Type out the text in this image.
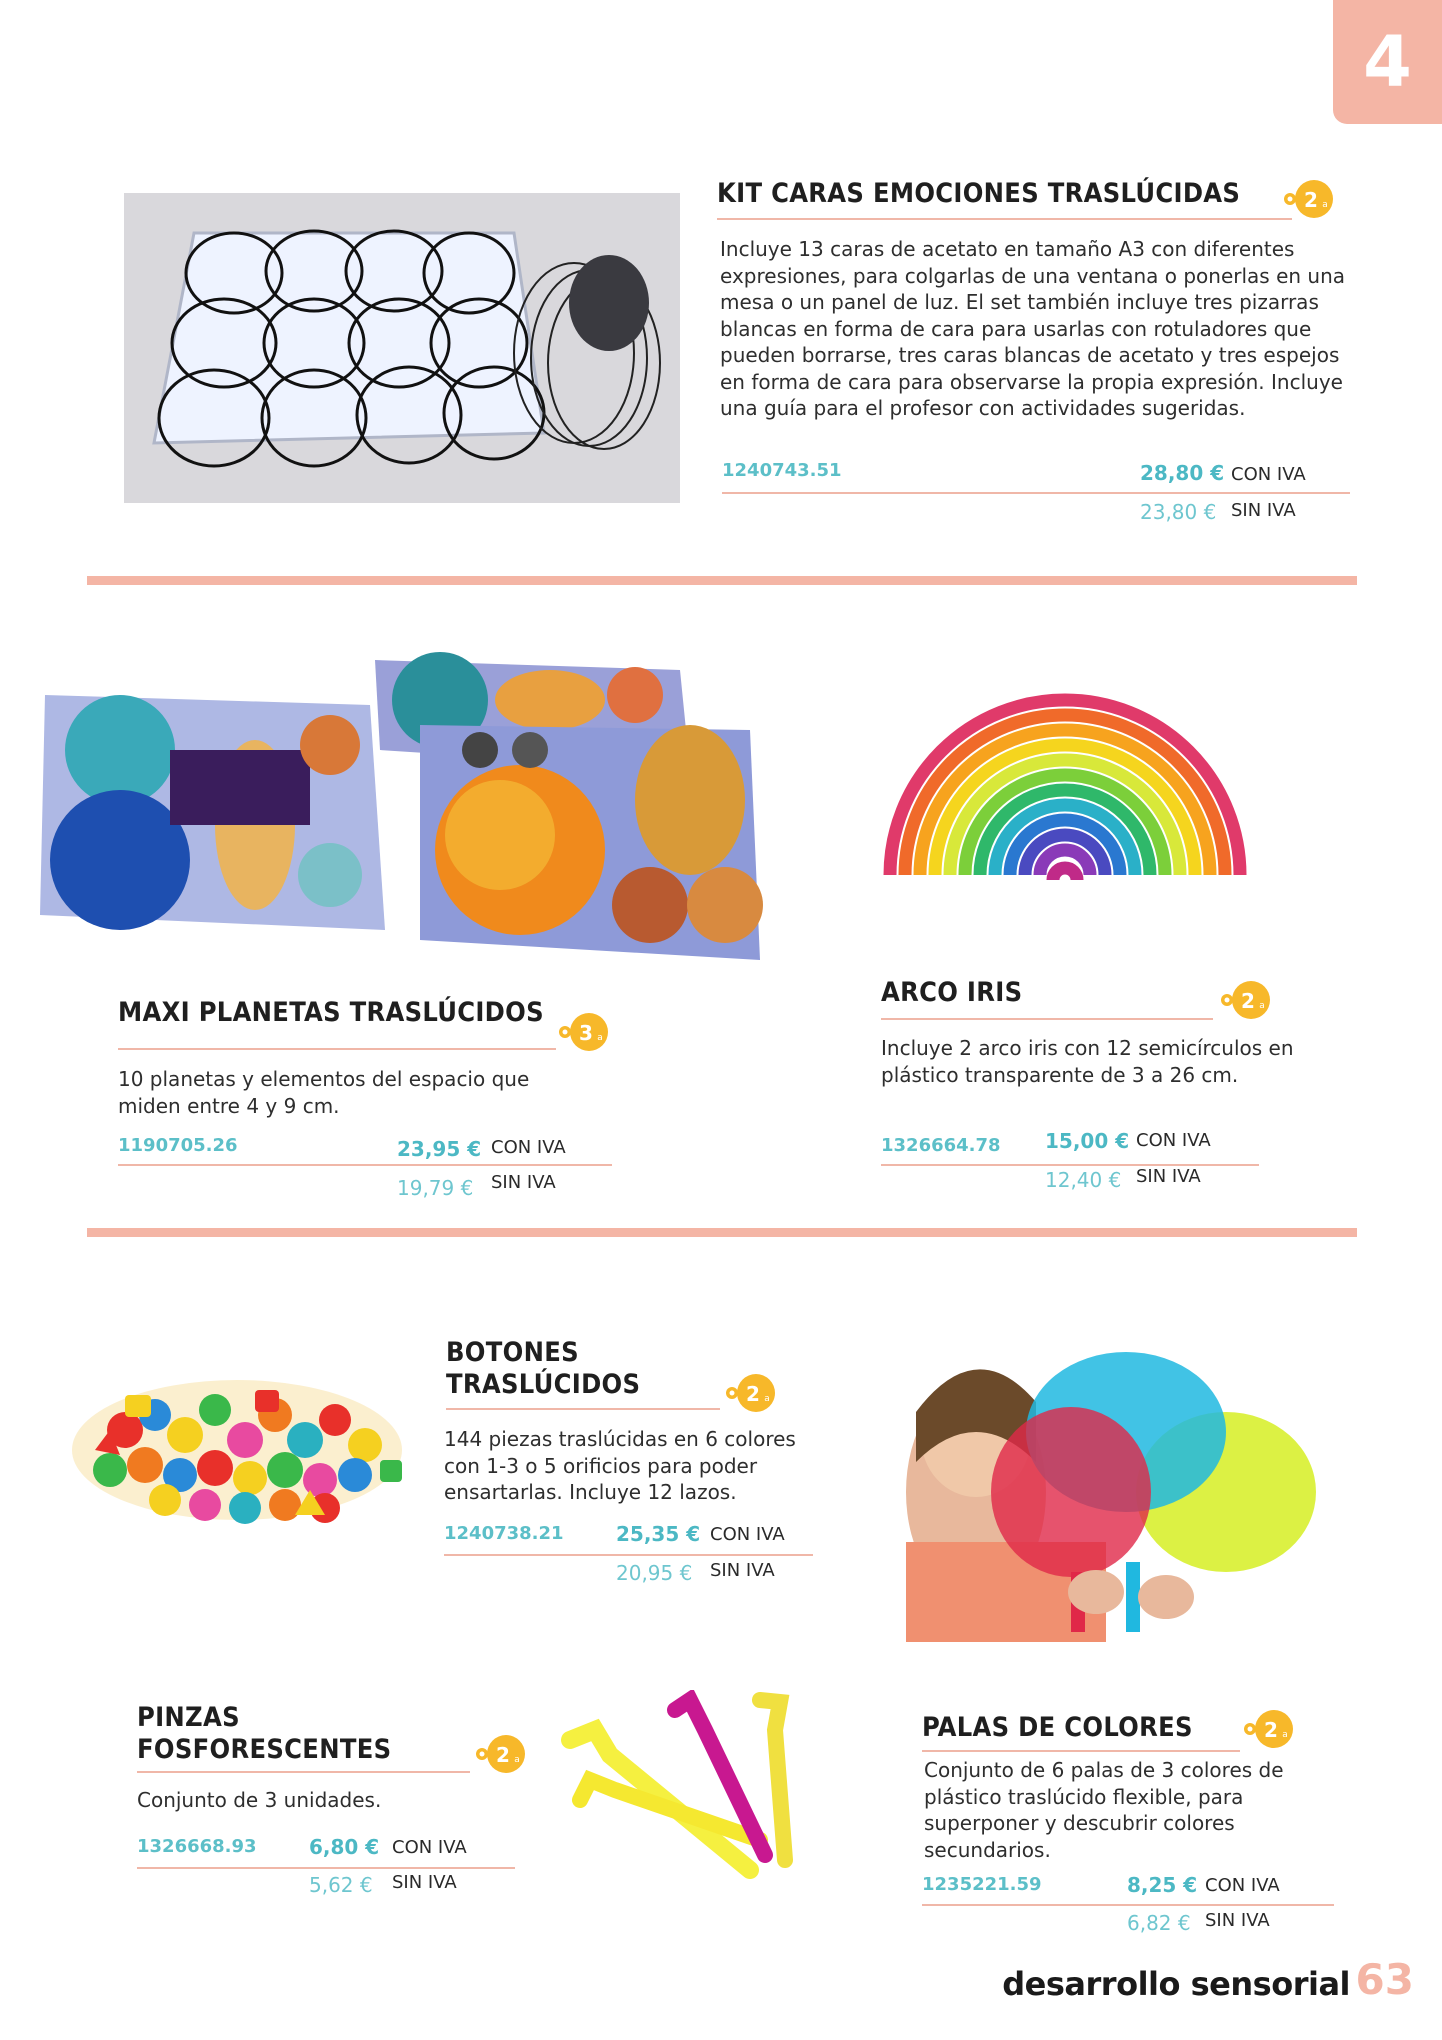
4
KIT CARAS EMOCIONES TRASLÚCIDAS	2 a
Incluye 13 caras de acetato en tamaño A3 con diferentes expresiones, para colgarlas de una ventana o ponerlas en una mesa o un panel de luz. El set también incluye tres pizarras blancas en forma de cara para usarlas con rotuladores que pueden borrarse, tres caras blancas de acetato y tres espejos en forma de cara para observarse la propia expresión. Incluye una guía para el profesor con actividades sugeridas.
1240743.51	28,80 € CON IVA
23,80 € SIN IVA
MAXI PLANETAS TRASLÚCIDOS
3 a
10 planetas y elementos del espacio que miden entre 4 y 9 cm.
1190705.26	23,95 € CON IVA
19,79 € SIN IVA
ARCO IRIS	2 a
Incluye 2 arco iris con 12 semicírculos en plástico transparente de 3 a 26 cm.
1326664.78 15,00 € CON IVA
12,40 € SIN IVA
BOTONES TRASLÚCIDOS	2 a
144 piezas traslúcidas en 6 colores con 1-3 o 5 orificios para poder ensartarlas. Incluye 12 lazos.
1240738.21	25,35 € CON IVA
20,95 € SIN IVA
PINZAS FOSFORESCENTES	2 a
Conjunto de 3 unidades.
1326668.93	6,80 € CON IVA
5,62 € SIN IVA
PALAS DE COLORES	2 a
Conjunto de 6 palas de 3 colores de plástico traslúcido flexible, para superponer y descubrir colores secundarios.
1235221.59	8,25 € CON IVA
6,82 € SIN IVA
desarrollo sensorial 63
